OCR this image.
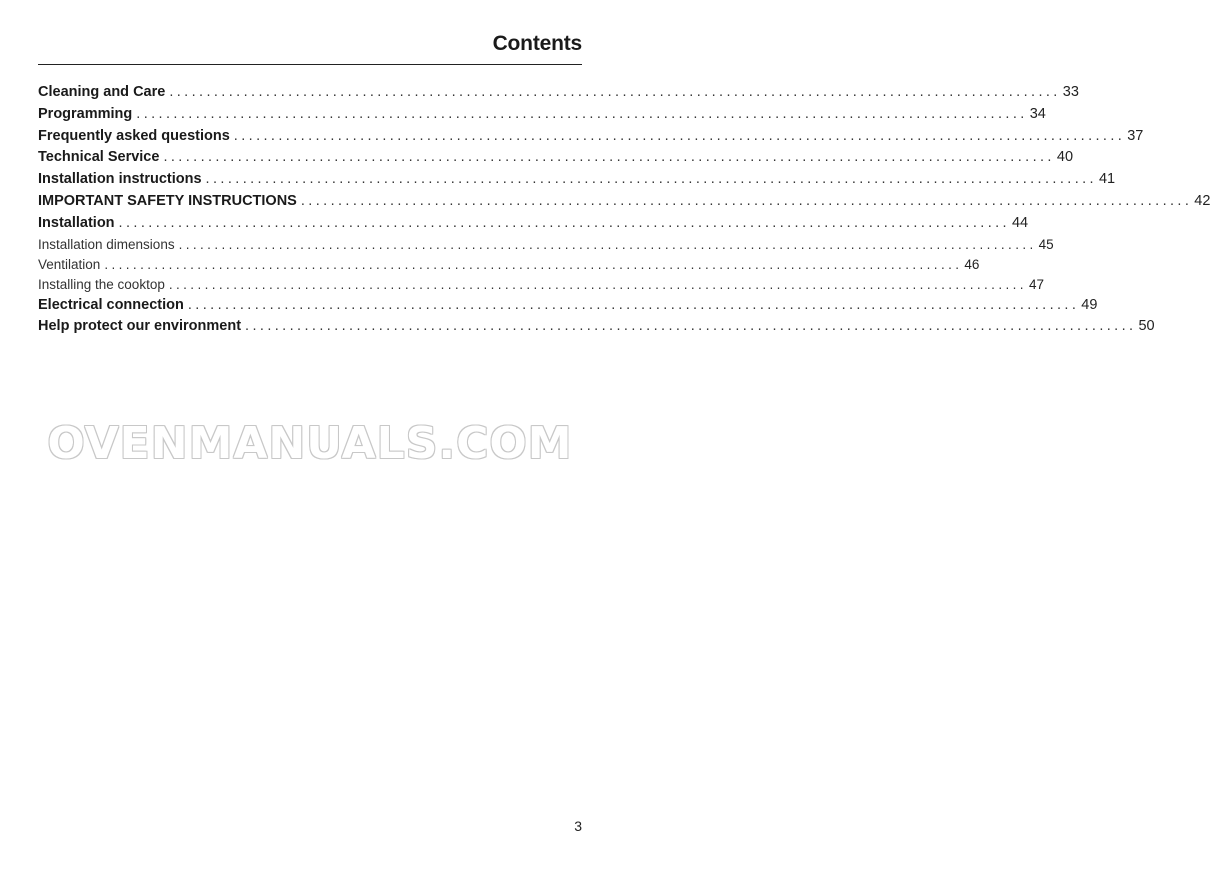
Contents
Cleaning and Care ........................................................................................................................ 33
Programming ........................................................................................................................ 34
Frequently asked questions ........................................................................................................................ 37
Technical Service ........................................................................................................................ 40
Installation instructions ........................................................................................................................ 41
IMPORTANT SAFETY INSTRUCTIONS ........................................................................................................................ 42
Installation ........................................................................................................................ 44
Installation dimensions ........................................................................................................................ 45
Ventilation ........................................................................................................................ 46
Installing the cooktop ........................................................................................................................ 47
Electrical connection ........................................................................................................................ 49
Help protect our environment ........................................................................................................................ 50
OVENMANUALS.COM
3
